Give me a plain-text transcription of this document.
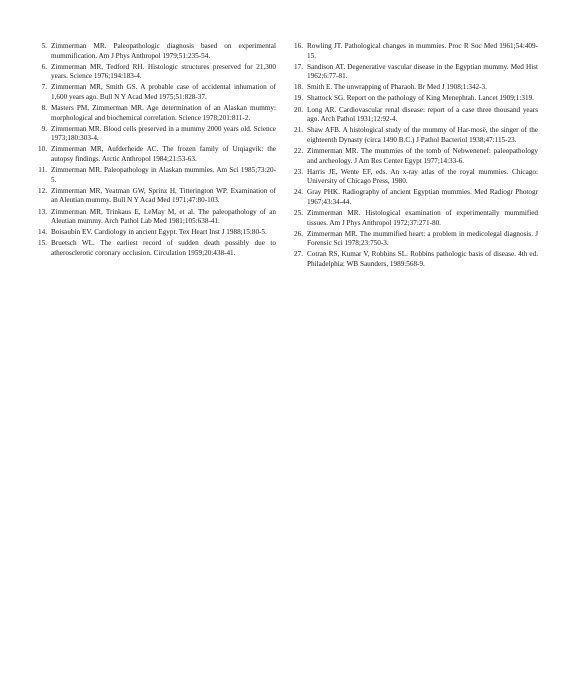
5. Zimmerman MR. Paleopathologic diagnosis based on experimental mummification. Am J Phys Anthropol 1979;51:235-54.
6. Zimmerman MR, Tedford RH. Histologic structures preserved for 21,300 years. Science 1976;194:183-4.
7. Zimmerman MR, Smith GS. A probable case of accidental inhumation of 1,600 years ago. Bull N Y Acad Med 1975;51:828-37.
8. Masters PM, Zimmerman MR. Age determination of an Alaskan mummy: morphological and biochemical correlation. Science 1978;201:811-2.
9. Zimmerman MR. Blood cells preserved in a mummy 2000 years old. Science 1973;180:303-4.
10. Zimmerman MR, Aufderheide AC. The frozen family of Utqiagvik: the autopsy findings. Arctic Anthropol 1984;21:53-63.
11. Zimmerman MR. Paleopathology in Alaskan mummies. Am Sci 1985;73:20-5.
12. Zimmerman MR, Yeatman GW, Sprinz H, Titterington WP. Examination of an Aleutian mummy. Bull N Y Acad Med 1971;47:80-103.
13. Zimmerman MR, Trinkaus E, LeMay M, et al. The paleopathology of an Aleutian mummy. Arch Pathol Lab Med 1981;105:638-41.
14. Boisaubin EV. Cardiology in ancient Egypt. Tex Heart Inst J 1988;15:80-5.
15. Bruetsch WL. The earliest record of sudden death possibly due to atherosclerotic coronary occlusion. Circulation 1959;20:438-41.
16. Rowling JT. Pathological changes in mummies. Proc R Soc Med 1961;54:409-15.
17. Sandison AT. Degenerative vascular disease in the Egyptian mummy. Med Hist 1962;6:77-81.
18. Smith E. The unwrapping of Pharaoh. Br Med J 1908;1:342-3.
19. Shattock SG. Report on the pathology of King Menephtah. Lancet 1909;1:319.
20. Long AR. Cardiovascular renal disease: report of a case three thousand years ago. Arch Pathol 1931;12:92-4.
21. Shaw AFB. A histological study of the mummy of Har-mosë, the singer of the eighteenth Dynasty (circa 1490 B.C.) J Pathol Bacteriol 1938;47:115-23.
22. Zimmerman MR. The mummies of the tomb of Nebwenenef: paleopathology and archeology. J Am Res Center Egypt 1977;14:33-6.
23. Harris JE, Wente EF, eds. An x-ray atlas of the royal mummies. Chicago: University of Chicago Press, 1980.
24. Gray PHK. Radiography of ancient Egyptian mummies. Med Radiogr Photogr 1967;43:34-44.
25. Zimmerman MR. Histological examination of experimentally mummified tissues. Am J Phys Anthropol 1972;37:271-80.
26. Zimmerman MR. The mummified heart: a problem in medicolegal diagnosis. J Forensic Sci 1978;23:750-3.
27. Cotran RS, Kumar V, Robbins SL. Robbins pathologic basis of disease. 4th ed. Philadelphia: WB Saunders, 1989:568-9.
